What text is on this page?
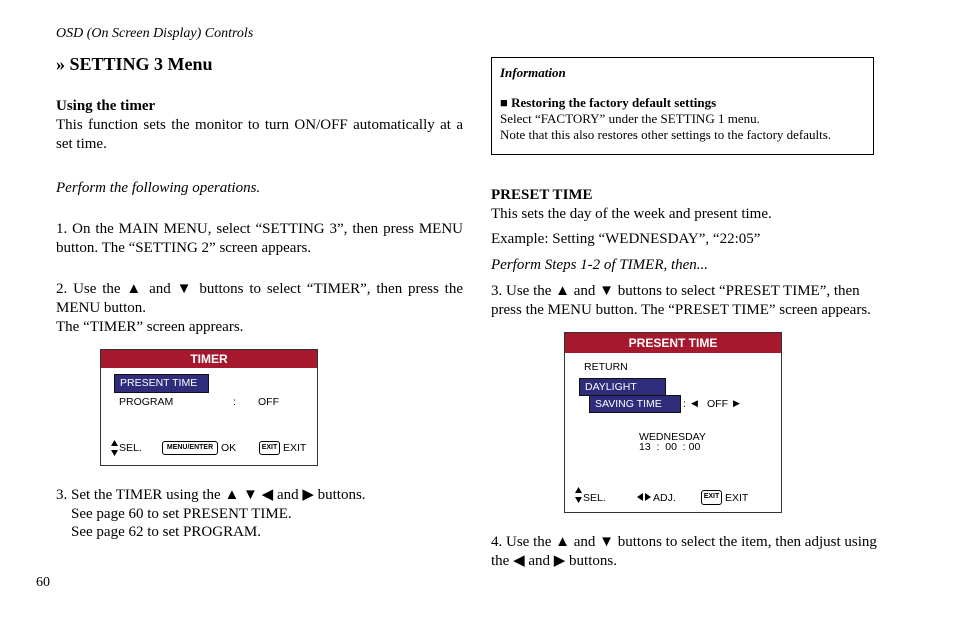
OSD (On Screen Display) Controls
» SETTING 3 Menu
Using the timer
This function sets the monitor to turn ON/OFF automatically at a set time.
Perform the following operations.
1. On the MAIN MENU, select “SETTING 3”, then press MENU button. The “SETTING 2” screen appears.
2. Use the ▲ and ▼ buttons to select “TIMER”, then press the MENU button.
The “TIMER” screen apprears.
TIMER
PRESENT TIME
PROGRAM	: OFF
SEL.	MENU/ENTER OK	EXIT EXIT
3. Set the TIMER using the ▲ ▼ ◀ and ▶ buttons.
See page 60 to set PRESENT TIME.
See page 62 to set PROGRAM.
Information
■ Restoring the factory default settings
Select “FACTORY” under the SETTING 1 menu.
Note that this also restores other settings to the factory defaults.
PRESET TIME
This sets the day of the week and present time.
Example: Setting “WEDNESDAY”, “22:05”
Perform Steps 1-2 of TIMER, then...
3. Use the ▲ and ▼ buttons to select “PRESET TIME”, then press the MENU button. The “PRESET TIME” screen appears.
PRESENT TIME
RETURN
DAYLIGHT
SAVING TIME	: ◀ OFF ▶
WEDNESDAY
13  :  00  : 00
SEL.	ADJ.	EXIT EXIT
4. Use the ▲ and ▼ buttons to select the item, then adjust using the ◀ and ▶ buttons.
60
